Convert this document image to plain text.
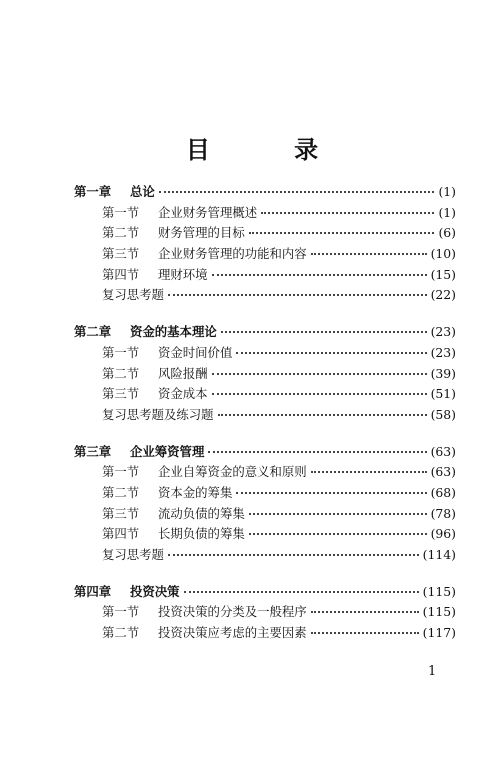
目 录
第一章 总论	(1)
第一节 企业财务管理概述	(1)
第二节 财务管理的目标	(6)
第三节 企业财务管理的功能和内容	(10)
第四节 理财环境	(15)
复习思考题	(22)
第二章 资金的基本理论	(23)
第一节 资金时间价值	(23)
第二节 风险报酬	(39)
第三节 资金成本	(51)
复习思考题及练习题	(58)
第三章 企业筹资管理	(63)
第一节 企业自筹资金的意义和原则	(63)
第二节 资本金的筹集	(68)
第三节 流动负债的筹集	(78)
第四节 长期负债的筹集	(96)
复习思考题	(114)
第四章 投资决策	(115)
第一节 投资决策的分类及一般程序	(115)
第二节 投资决策应考虑的主要因素	(117)
1
